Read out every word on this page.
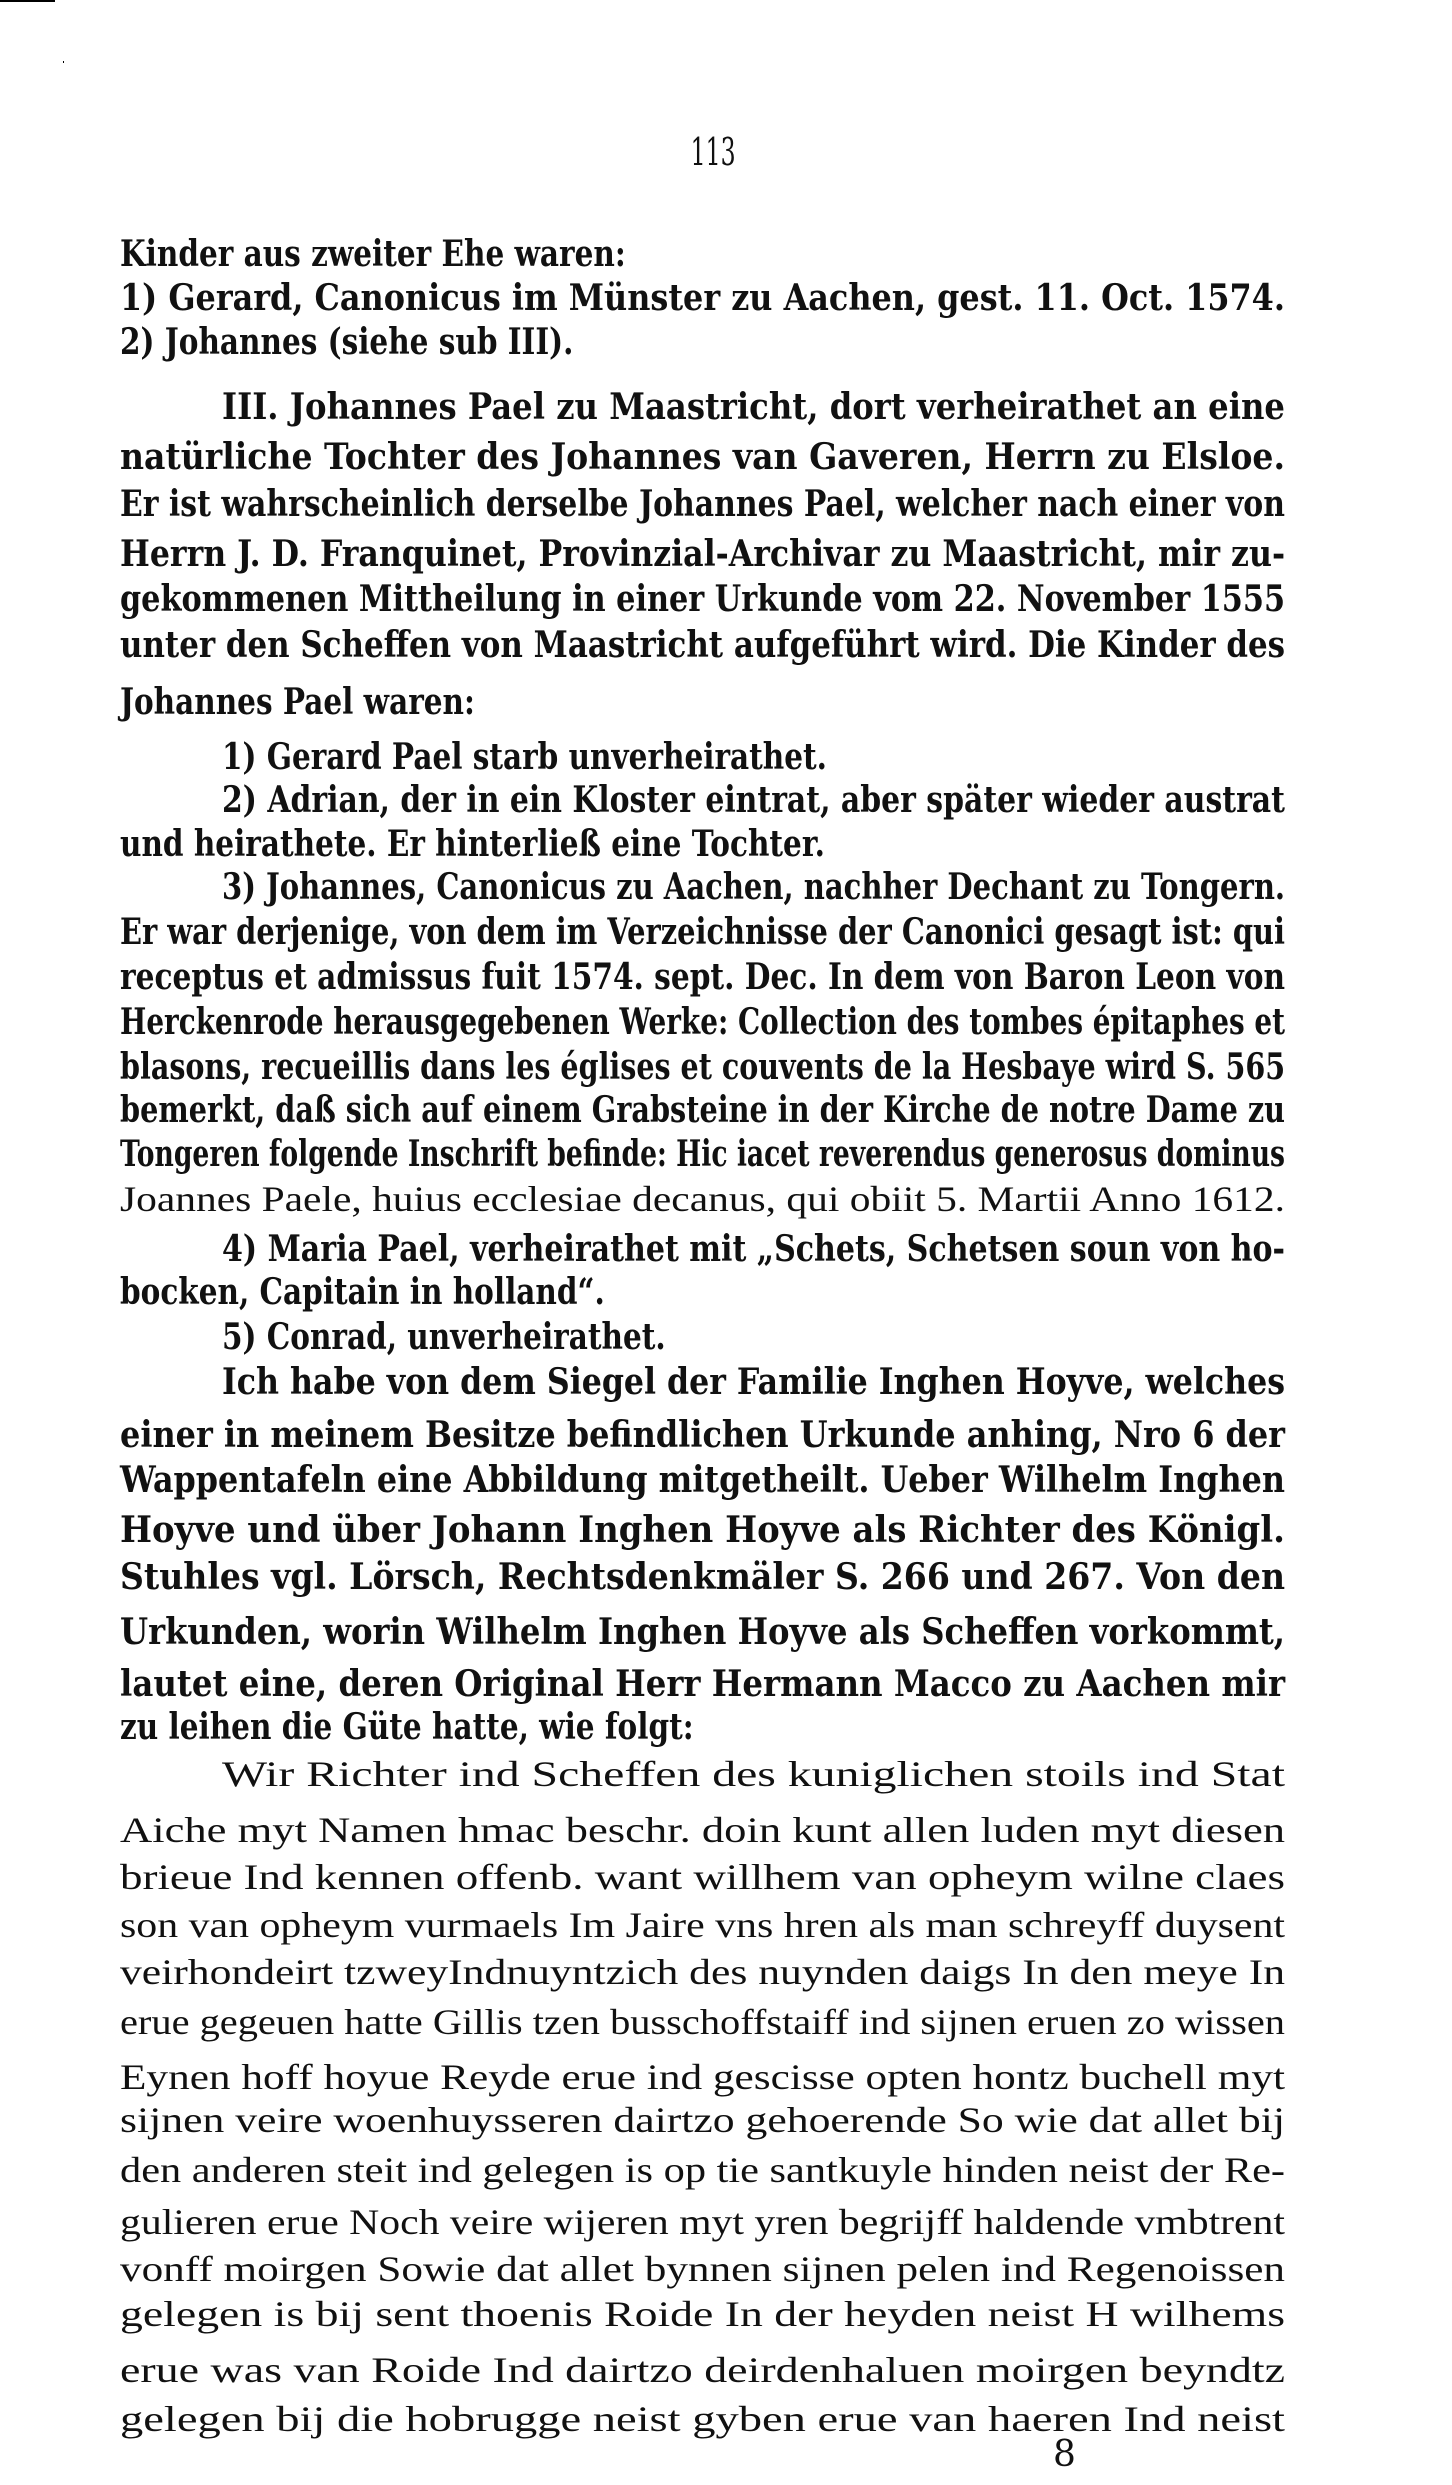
113
Kinder aus zweiter Ehe waren:
1) Gerard, Canonicus im Münster zu Aachen, gest. 11. Oct. 1574.
2) Johannes (siehe sub III).
III. Johannes Pael zu Maastricht, dort verheirathet an eine
natürliche Tochter des Johannes van Gaveren, Herrn zu Elsloe.
Er ist wahrscheinlich derselbe Johannes Pael, welcher nach einer von
Herrn J. D. Franquinet, Provinzial-Archivar zu Maastricht, mir zu-
gekommenen Mittheilung in einer Urkunde vom 22. November 1555
unter den Scheffen von Maastricht aufgeführt wird. Die Kinder des
Johannes Pael waren:
1) Gerard Pael starb unverheirathet.
2) Adrian, der in ein Kloster eintrat, aber später wieder austrat
und heirathete. Er hinterließ eine Tochter.
3) Johannes, Canonicus zu Aachen, nachher Dechant zu Tongern.
Er war derjenige, von dem im Verzeichnisse der Canonici gesagt ist: qui
receptus et admissus fuit 1574. sept. Dec. In dem von Baron Leon von
Herckenrode herausgegebenen Werke: Collection des tombes épitaphes et
blasons, recueillis dans les églises et couvents de la Hesbaye wird S. 565
bemerkt, daß sich auf einem Grabsteine in der Kirche de notre Dame zu
Tongeren folgende Inschrift befinde: Hic iacet reverendus generosus dominus
Joannes Paele, huius ecclesiae decanus, qui obiit 5. Martii Anno 1612.
4) Maria Pael, verheirathet mit „Schets, Schetsen soun von ho-
bocken, Capitain in holland“.
5) Conrad, unverheirathet.
Ich habe von dem Siegel der Familie Inghen Hoyve, welches
einer in meinem Besitze befindlichen Urkunde anhing, Nro 6 der
Wappentafeln eine Abbildung mitgetheilt. Ueber Wilhelm Inghen
Hoyve und über Johann Inghen Hoyve als Richter des Königl.
Stuhles vgl. Lörsch, Rechtsdenkmäler S. 266 und 267. Von den
Urkunden, worin Wilhelm Inghen Hoyve als Scheffen vorkommt,
lautet eine, deren Original Herr Hermann Macco zu Aachen mir
zu leihen die Güte hatte, wie folgt:
Wir Richter ind Scheffen des kuniglichen stoils ind Stat
Aiche myt Namen hmac beschr. doin kunt allen luden myt diesen
brieue Ind kennen offenb. want willhem van opheym wilne claes
son van opheym vurmaels Im Jaire vns hren als man schreyff duysent
veirhondeirt tzweyIndnuyntzich des nuynden daigs In den meye In
erue gegeuen hatte Gillis tzen busschoffstaiff ind sijnen eruen zo wissen
Eynen hoff hoyue Reyde erue ind gescisse opten hontz buchell myt
sijnen veire woenhuysseren dairtzo gehoerende So wie dat allet bij
den anderen steit ind gelegen is op tie santkuyle hinden neist der Re-
gulieren erue Noch veire wijeren myt yren begrijff haldende vmbtrent
vonff moirgen Sowie dat allet bynnen sijnen pelen ind Regenoissen
gelegen is bij sent thoenis Roide In der heyden neist H wilhems
erue was van Roide Ind dairtzo deirdenhaluen moirgen beyndtz
gelegen bij die hobrugge neist gyben erue van haeren Ind neist
8
